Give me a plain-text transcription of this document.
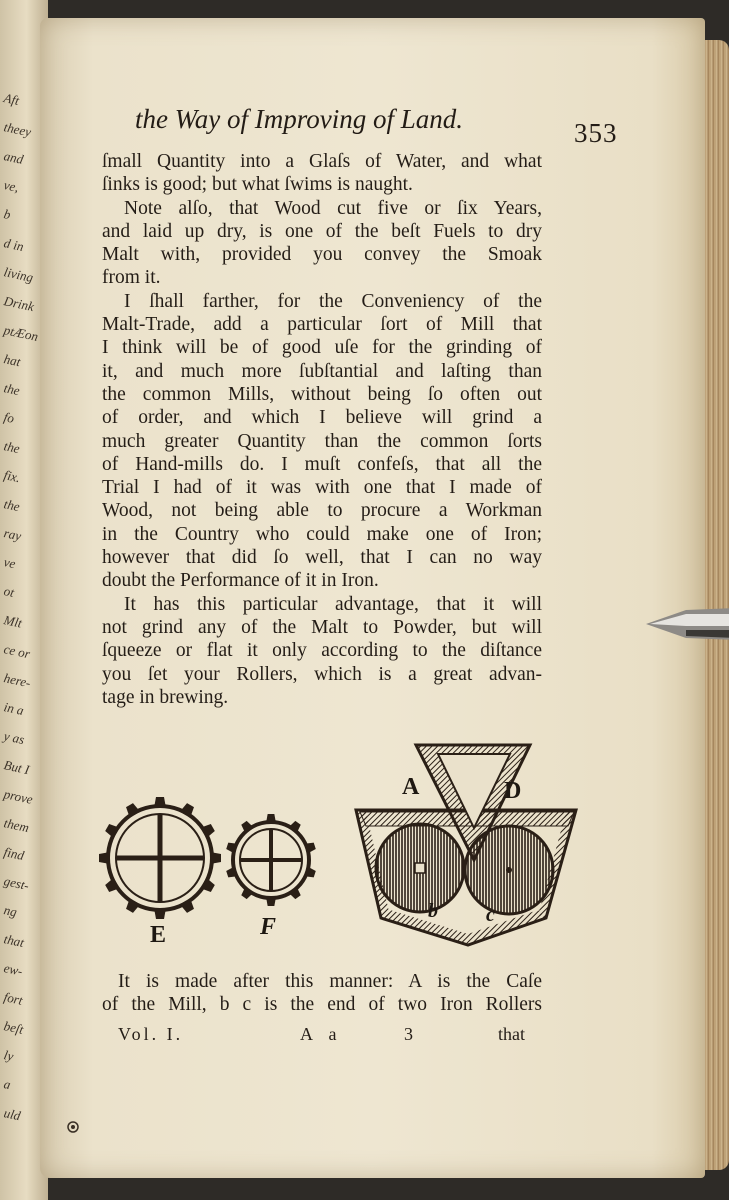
Aft
theey
and
ve,
b
d in
living
Drink
ptÆon
hat
the
fo
the
fix.
the
ray
ve
ot
Mlt
ce or
here-
in a
y as
But I
prove
them
find
gest-
ng
that
ew-
fort
beſt
ly
a
uld
the Way of Improving of Land.	353

ſmall Quantity into a Glaſs of Water, and what

ſinks is good; but what ſwims is naught.

Note alſo, that Wood cut five or ſix Years,

and laid up dry, is one of the beſt Fuels to dry

Malt with, provided you convey the Smoak

from it.

I ſhall farther, for the Conveniency of the

Malt-Trade, add a particular ſort of Mill that

I think will be of good uſe for the grinding of

it, and much more ſubſtantial and laſting than

the common Mills, without being ſo often out

of order, and which I believe will grind a

much greater Quantity than the common ſorts

of Hand-mills do. I muſt confeſs, that all the

Trial I had of it was with one that I made of

Wood, not being able to procure a Workman

in the Country who could make one of Iron;

however that did ſo well, that I can no way

doubt the Performance of it in Iron.

It has this particular advantage, that it will

not grind any of the Malt to Powder, but will

ſqueeze or flat it only according to the diſtance

you ſet your Rollers, which is a great advan-

tage in brewing.

E	F
A	D
b c

It is made after this manner: A is the Caſe

of the Mill, b c is the end of two Iron Rollers

Vol. I.	A a	3	that
